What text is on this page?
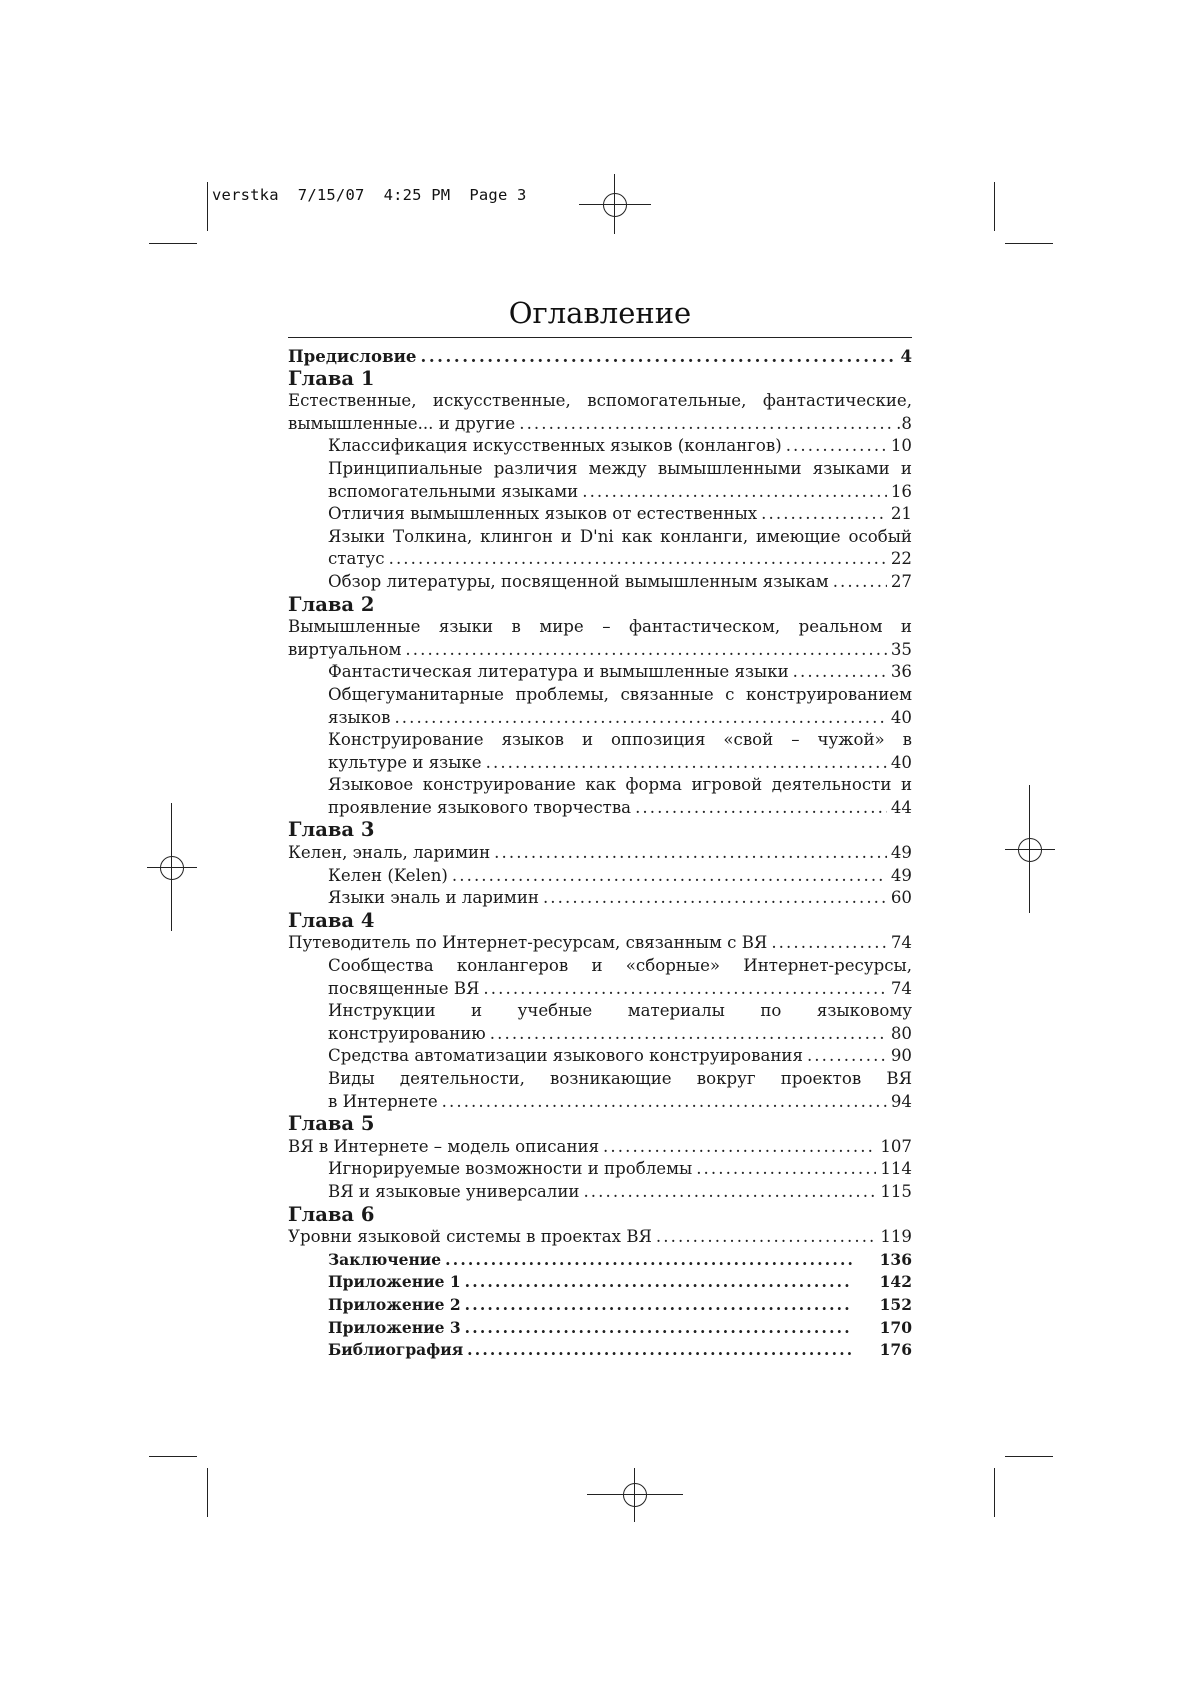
verstka  7/15/07  4:25 PM  Page 3
Оглавление
Предисловие . . .	4
Глава 1
Естественные, искусственные, вспомогательные, фантастические,
вымышленные... и другие . . .	.8
Классификация искусственных языков (конлангов) . . .	10
Принципиальные различия между вымышленными языками и
вспомогательными языками . . .	16
Отличия вымышленных языков от естественных . . .	21
Языки Толкина, клингон и D'ni как конланги, имеющие особый
статус . . .	22
Обзор литературы, посвященной вымышленным языкам . . .	27
Глава 2
Вымышленные языки в мире – фантастическом, реальном и
виртуальном . . .	35
Фантастическая литература и вымышленные языки . . .	36
Общегуманитарные проблемы, связанные с конструированием
языков . . .	40
Конструирование языков и оппозиция «свой – чужой» в
культуре и языке . . .	40
Языковое конструирование как форма игровой деятельности и
проявление языкового творчества . . .	44
Глава 3
Келен, эналь, ларимин . . .	49
Келен (Kelen) . . .	49
Языки эналь и ларимин . . .	60
Глава 4
Путеводитель по Интернет-ресурсам, связанным с ВЯ . . .	74
Сообщества конлангеров и «сборные» Интернет-ресурсы,
посвященные ВЯ . . .	74
Инструкции и учебные материалы по языковому
конструированию . . .	80
Средства автоматизации языкового конструирования . . .	90
Виды деятельности, возникающие вокруг проектов ВЯ
в Интернете . . .	94
Глава 5
ВЯ в Интернете – модель описания . . .	107
Игнорируемые возможности и проблемы . . .	114
ВЯ и языковые универсалии . . .	115
Глава 6
Уровни языковой системы в проектах ВЯ . . .	119
Заключение . . .	136
Приложение 1 . . .	142
Приложение 2 . . .	152
Приложение 3 . . .	170
Библиография . . .	176
